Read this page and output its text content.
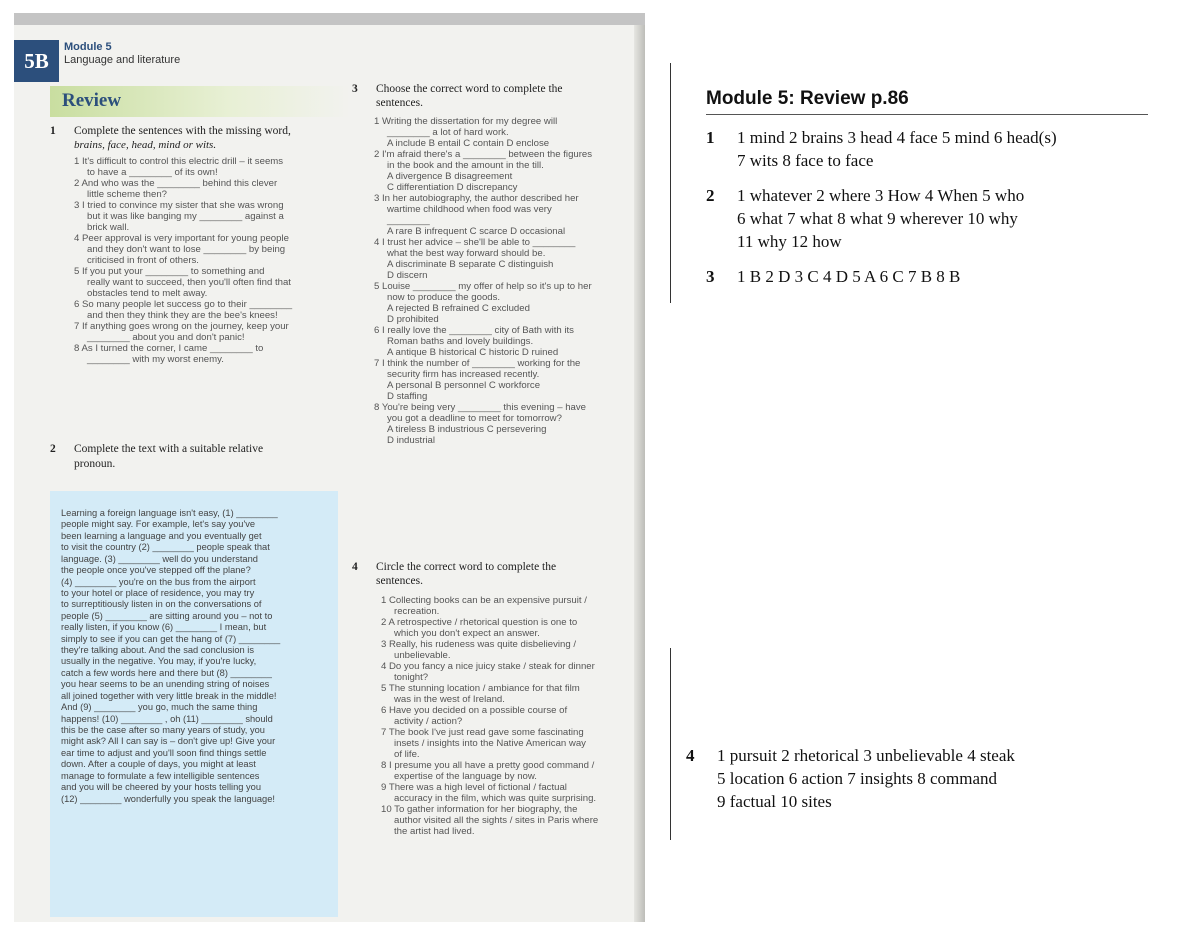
5B
Module 5
Language and literature
Review
1 Complete the sentences with the missing word,
brains, face, head, mind or wits.
1 It's difficult to control this electric drill – it seems
to have a ________ of its own!
2 And who was the ________ behind this clever
little scheme then?
3 I tried to convince my sister that she was wrong
but it was like banging my ________ against a
brick wall.
4 Peer approval is very important for young people
and they don't want to lose ________ by being
criticised in front of others.
5 If you put your ________ to something and
really want to succeed, then you'll often find that
obstacles tend to melt away.
6 So many people let success go to their ________
and then they think they are the bee's knees!
7 If anything goes wrong on the journey, keep your
________ about you and don't panic!
8 As I turned the corner, I came ________ to
________ with my worst enemy.
2 Complete the text with a suitable relative
pronoun.
Learning a foreign language isn't easy, (1) ________
people might say. For example, let's say you've
been learning a language and you eventually get
to visit the country (2) ________ people speak that
language. (3) ________ well do you understand
the people once you've stepped off the plane?
(4) ________ you're on the bus from the airport
to your hotel or place of residence, you may try
to surreptitiously listen in on the conversations of
people (5) ________ are sitting around you – not to
really listen, if you know (6) ________ I mean, but
simply to see if you can get the hang of (7) ________
they're talking about. And the sad conclusion is
usually in the negative. You may, if you're lucky,
catch a few words here and there but (8) ________
you hear seems to be an unending string of noises
all joined together with very little break in the middle!
And (9) ________ you go, much the same thing
happens! (10) ________ , oh (11) ________ should
this be the case after so many years of study, you
might ask? All I can say is – don't give up! Give your
ear time to adjust and you'll soon find things settle
down. After a couple of days, you might at least
manage to formulate a few intelligible sentences
and you will be cheered by your hosts telling you
(12) ________ wonderfully you speak the language!
3 Choose the correct word to complete the
sentences.
1 Writing the dissertation for my degree will
________ a lot of hard work.
A include B entail C contain D enclose
2 I'm afraid there's a ________ between the figures
in the book and the amount in the till.
A divergence B disagreement
C differentiation D discrepancy
3 In her autobiography, the author described her
wartime childhood when food was very
________
A rare B infrequent C scarce D occasional
4 I trust her advice – she'll be able to ________
what the best way forward should be.
A discriminate B separate C distinguish
D discern
5 Louise ________ my offer of help so it's up to her
now to produce the goods.
A rejected B refrained C excluded
D prohibited
6 I really love the ________ city of Bath with its
Roman baths and lovely buildings.
A antique B historical C historic D ruined
7 I think the number of ________ working for the
security firm has increased recently.
A personal B personnel C workforce
D staffing
8 You're being very ________ this evening – have
you got a deadline to meet for tomorrow?
A tireless B industrious C persevering
D industrial
4 Circle the correct word to complete the
sentences.
1 Collecting books can be an expensive pursuit /
recreation.
2 A retrospective / rhetorical question is one to
which you don't expect an answer.
3 Really, his rudeness was quite disbelieving /
unbelievable.
4 Do you fancy a nice juicy stake / steak for dinner
tonight?
5 The stunning location / ambiance for that film
was in the west of Ireland.
6 Have you decided on a possible course of
activity / action?
7 The book I've just read gave some fascinating
insets / insights into the Native American way
of life.
8 I presume you all have a pretty good command /
expertise of the language by now.
9 There was a high level of fictional / factual
accuracy in the film, which was quite surprising.
10 To gather information for her biography, the
author visited all the sights / sites in Paris where
the artist had lived.
Module 5: Review p.86
1 1 mind 2 brains 3 head 4 face 5 mind 6 head(s)
7 wits 8 face to face
2 1 whatever 2 where 3 How 4 When 5 who
6 what 7 what 8 what 9 wherever 10 why
11 why 12 how
3 1 B 2 D 3 C 4 D 5 A 6 C 7 B 8 B
4 1 pursuit 2 rhetorical 3 unbelievable 4 steak
5 location 6 action 7 insights 8 command
9 factual 10 sites
